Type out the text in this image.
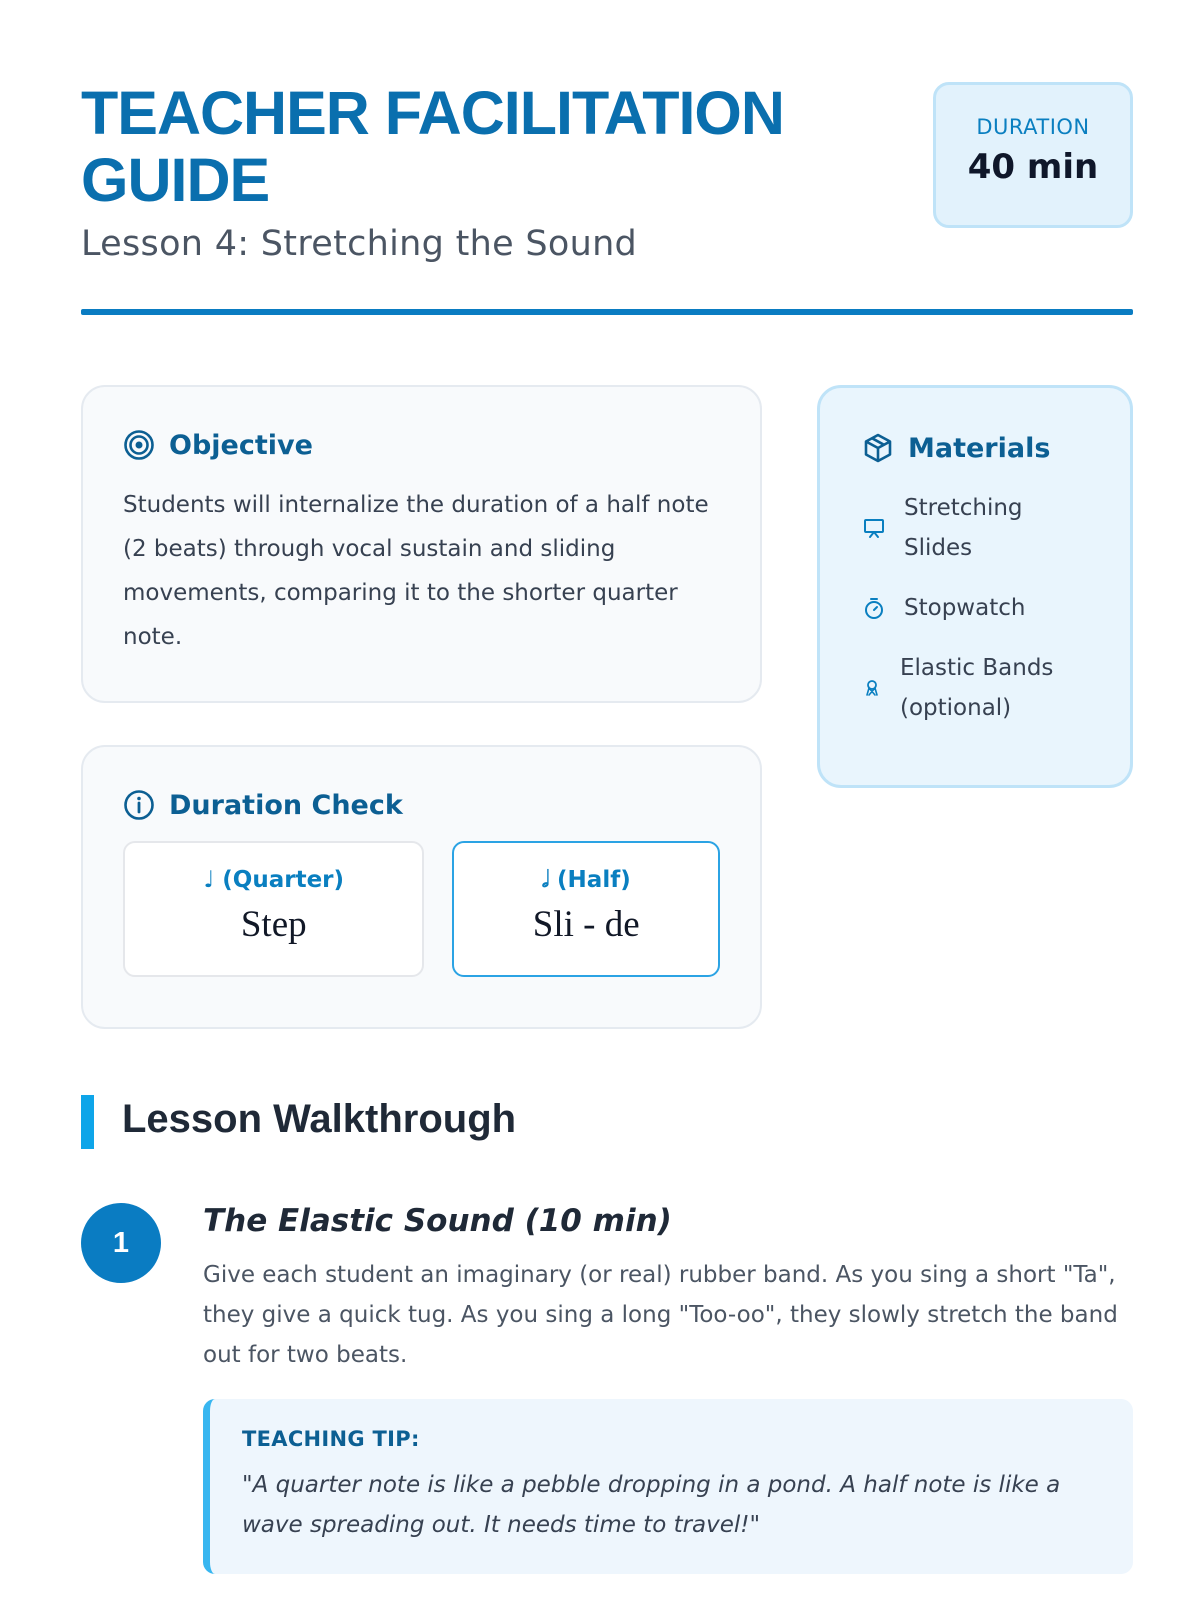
TEACHER FACILITATION GUIDE
Lesson 4: Stretching the Sound
DURATION
40 min
Objective

Students will internalize the duration of a half note (2 beats) through vocal sustain and sliding movements, comparing it to the shorter quarter note.

Duration Check
♩ (Quarter)
Step
𝅗𝅥 (Half)
Sli - de
Materials
Stretching Slides
Stopwatch
Elastic Bands (optional)
Lesson Walkthrough
1
The Elastic Sound (10 min)

Give each student an imaginary (or real) rubber band. As you sing a short "Ta", they give a quick tug. As you sing a long "Too-oo", they slowly stretch the band out for two beats.

TEACHING TIP:

"A quarter note is like a pebble dropping in a pond. A half note is like a wave spreading out. It needs time to travel!"
